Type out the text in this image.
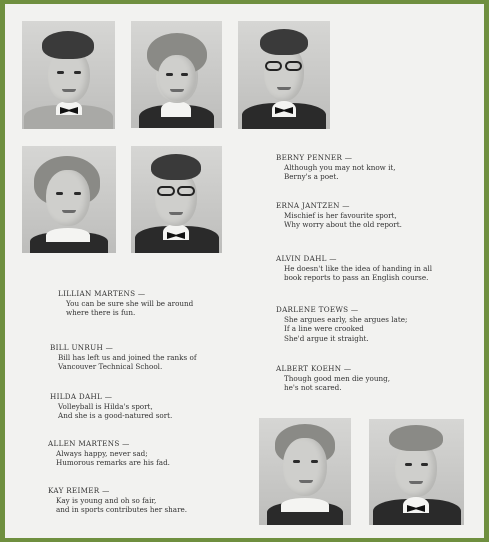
BERNY PENNER —
Although you may not know it,
Berny's a poet.
ERNA JANTZEN —
Mischief is her favourite sport,
Why worry about the old report.
ALVIN DAHL —
He doesn't like the idea of handing in all
book reports to pass an English course.
LILLIAN MARTENS —
You can be sure she will be around
where there is fun.	DARLENE TOEWS —
She argues early, she argues late;
If a line were crooked
She'd argue it straight.
BILL UNRUH —
Bill has left us and joined the ranks of
Vancouver Technical School.	ALBERT KOEHN —
Though good men die young,
he's not scared.
HILDA DAHL —
Volleyball is Hilda's sport,
And she is a good-natured sort.
ALLEN MARTENS —
Always happy, never sad;
Humorous remarks are his fad.
KAY REIMER —
Kay is young and oh so fair,
and in sports contributes her share.
